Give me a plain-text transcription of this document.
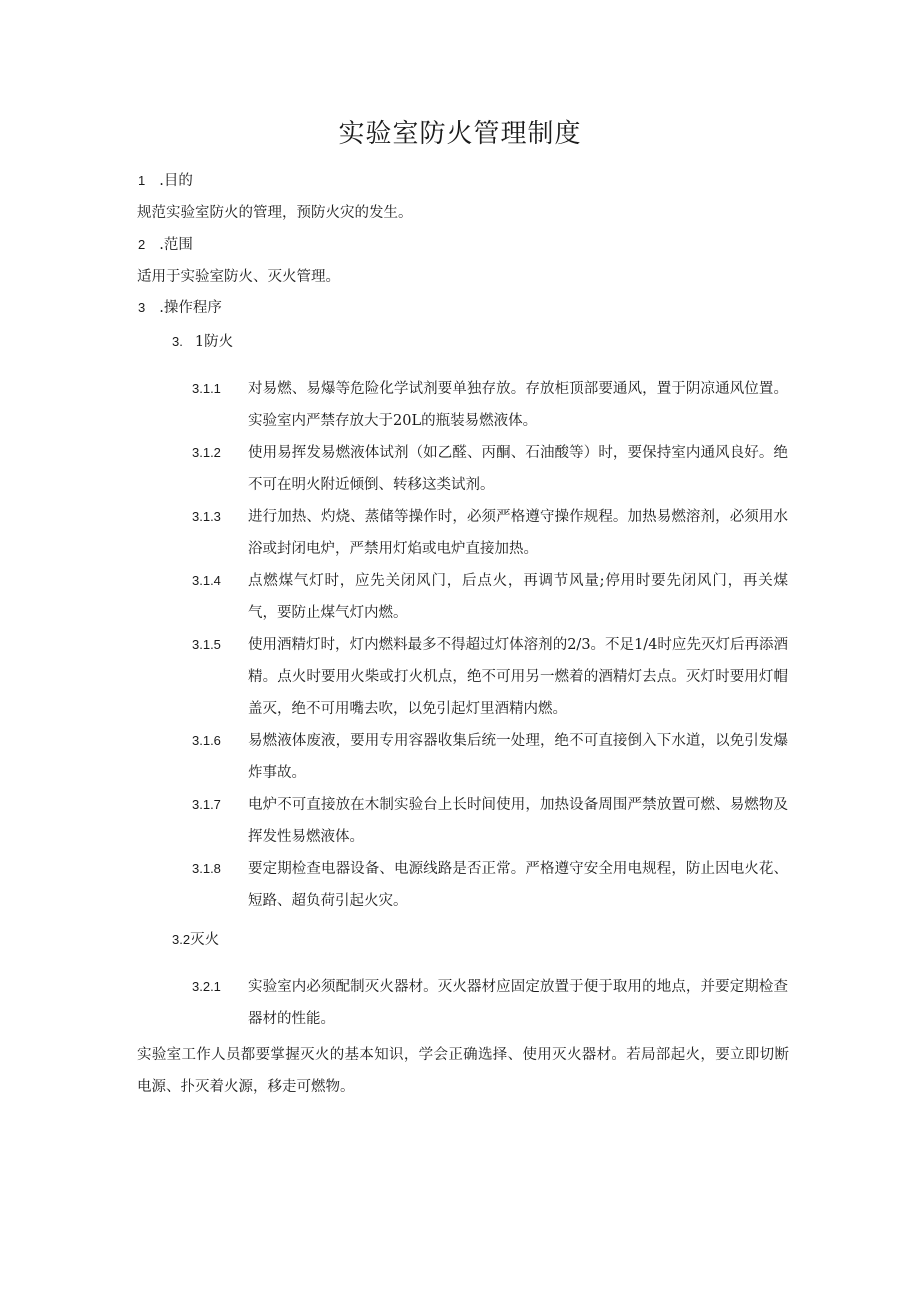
实验室防火管理制度
1 .目的
规范实验室防火的管理，预防火灾的发生。
2 .范围
适用于实验室防火、灭火管理。
3 .操作程序
3. 1防火
3.1.1	对易燃、易爆等危险化学试剂要单独存放。存放柜顶部要通风，置于阴凉通风位置。实验室内严禁存放大于20L的瓶装易燃液体。
3.1.2	使用易挥发易燃液体试剂（如乙醛、丙酮、石油酸等）时，要保持室内通风良好。绝不可在明火附近倾倒、转移这类试剂。
3.1.3	进行加热、灼烧、蒸储等操作时，必须严格遵守操作规程。加热易燃溶剂，必须用水浴或封闭电炉，严禁用灯焰或电炉直接加热。
3.1.4	点燃煤气灯时，应先关闭风门，后点火，再调节风量;停用时要先闭风门，再关煤气，要防止煤气灯内燃。
3.1.5	使用酒精灯时，灯内燃料最多不得超过灯体溶剂的2/3。不足1/4时应先灭灯后再添酒精。点火时要用火柴或打火机点，绝不可用另一燃着的酒精灯去点。灭灯时要用灯帽盖灭，绝不可用嘴去吹，以免引起灯里酒精内燃。
3.1.6	易燃液体废液，要用专用容器收集后统一处理，绝不可直接倒入下水道，以免引发爆炸事故。
3.1.7	电炉不可直接放在木制实验台上长时间使用，加热设备周围严禁放置可燃、易燃物及挥发性易燃液体。
3.1.8	要定期检查电器设备、电源线路是否正常。严格遵守安全用电规程，防止因电火花、短路、超负荷引起火灾。
3.2灭火
3.2.1	实验室内必须配制灭火器材。灭火器材应固定放置于便于取用的地点，并要定期检查器材的性能。
实验室工作人员都要掌握灭火的基本知识，学会正确选择、使用灭火器材。若局部起火，要立即切断电源、扑灭着火源，移走可燃物。
